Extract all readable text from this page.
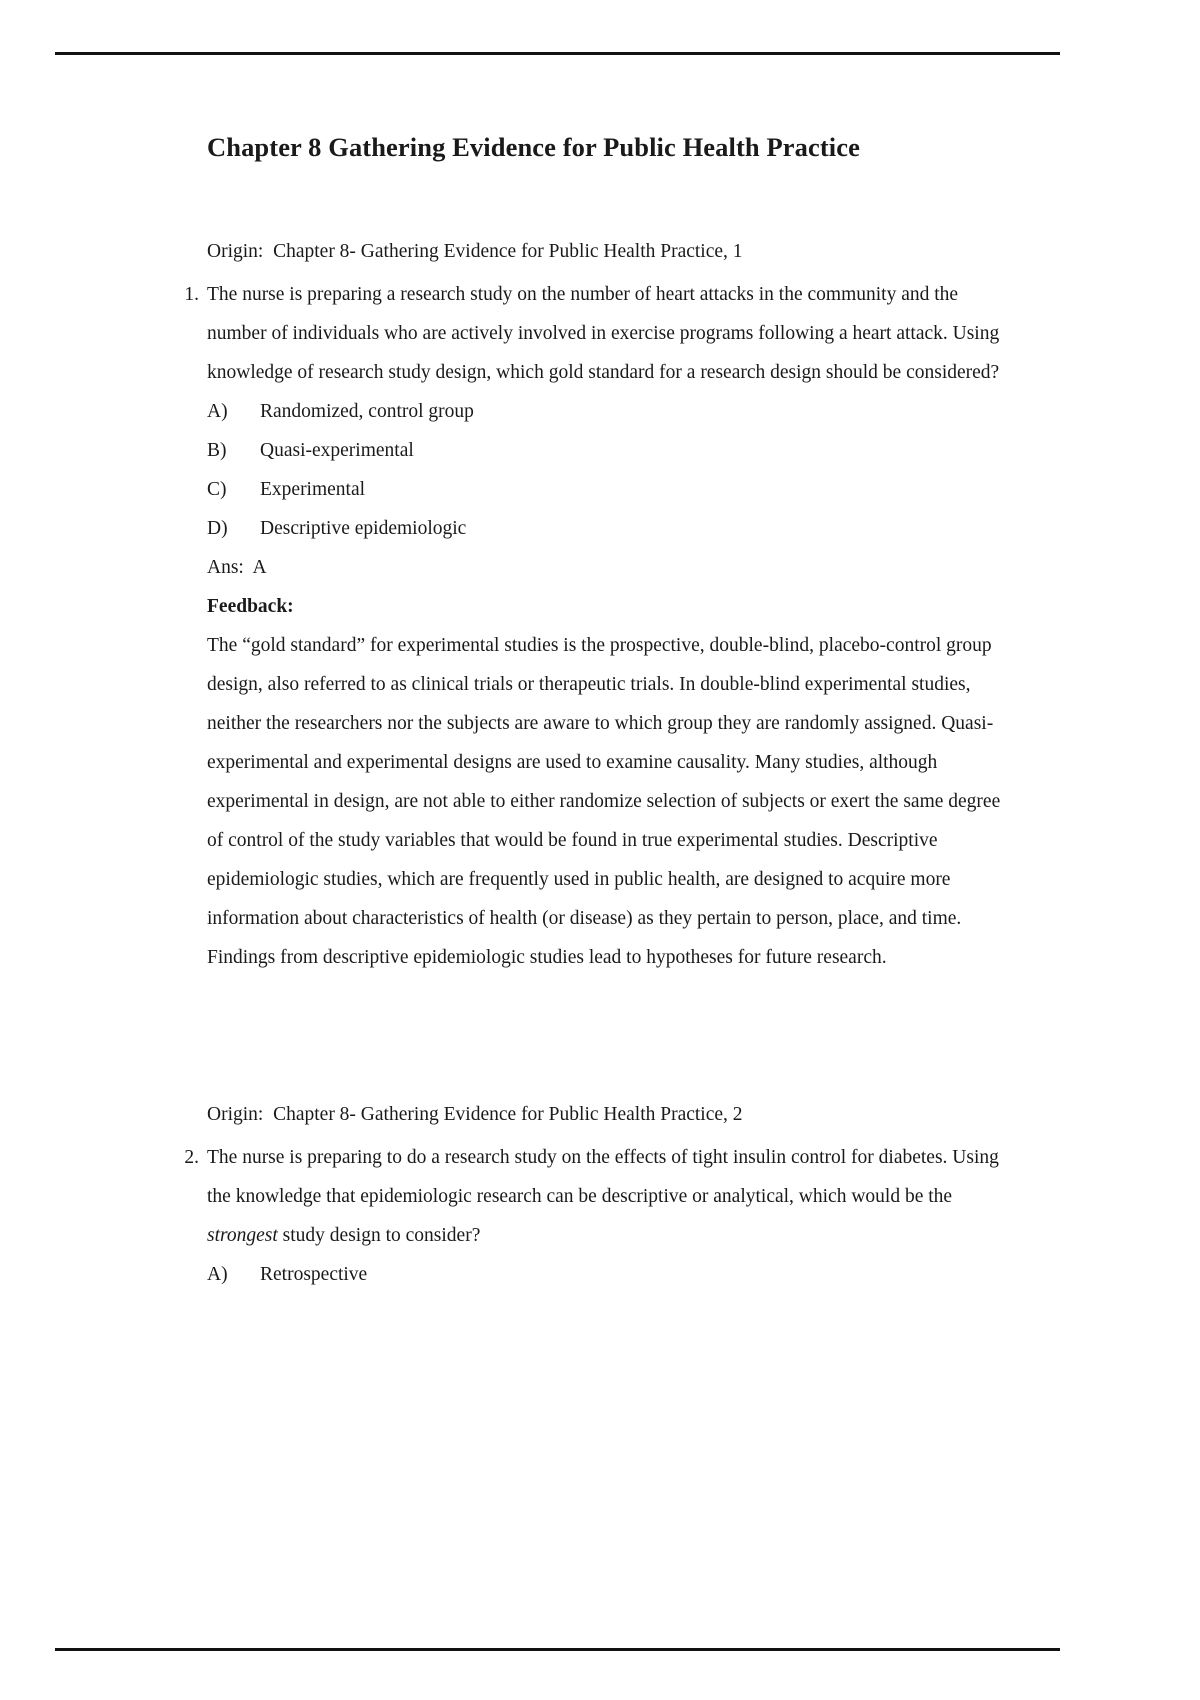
Chapter 8 Gathering Evidence for Public Health Practice

Origin:  Chapter 8- Gathering Evidence for Public Health Practice, 1

1. The nurse is preparing a research study on the number of heart attacks in the community and the number of individuals who are actively involved in exercise programs following a heart attack. Using knowledge of research study design, which gold standard for a research design should be considered?
A) Randomized, control group
B) Quasi-experimental
C) Experimental
D) Descriptive epidemiologic

Ans:  A

Feedback:

The “gold standard” for experimental studies is the prospective, double-blind, placebo-control group design, also referred to as clinical trials or therapeutic trials. In double-blind experimental studies, neither the researchers nor the subjects are aware to which group they are randomly assigned. Quasi-experimental and experimental designs are used to examine causality. Many studies, although experimental in design, are not able to either randomize selection of subjects or exert the same degree of control of the study variables that would be found in true experimental studies. Descriptive epidemiologic studies, which are frequently used in public health, are designed to acquire more information about characteristics of health (or disease) as they pertain to person, place, and time. Findings from descriptive epidemiologic studies lead to hypotheses for future research.

Origin:  Chapter 8- Gathering Evidence for Public Health Practice, 2

2. The nurse is preparing to do a research study on the effects of tight insulin control for diabetes. Using the knowledge that epidemiologic research can be descriptive or analytical, which would be the strongest study design to consider?
A) Retrospective
